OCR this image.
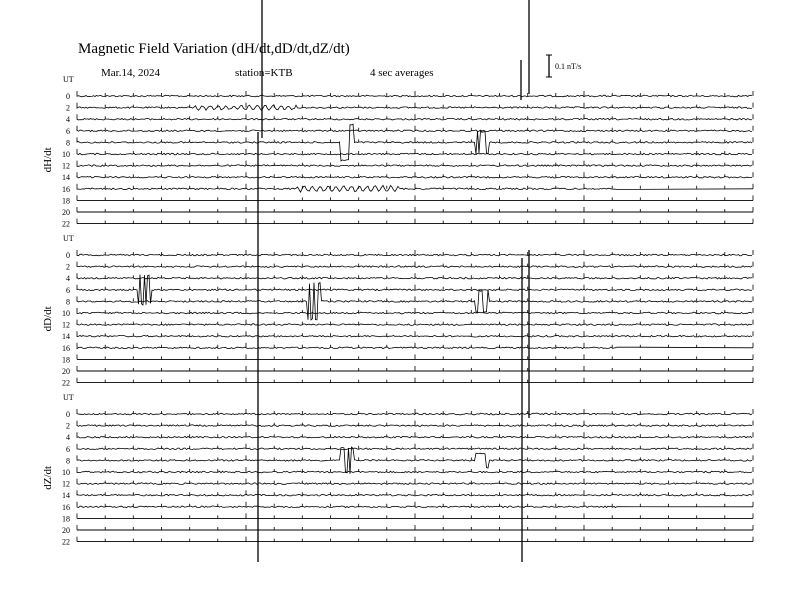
Magnetic Field Variation (dH/dt,dD/dt,dZ/dt)
Mar.14, 2024	station=KTB	4 sec averages
0.1 nT/s
UT
dH/dt
0
2
4
6
8
10
12
14
16
18
20
22
UT
dD/dt
0
2
4
6
8
10
12
14
16
18
20
22
UT
dZ/dt
0
2
4
6
8
10
12
14
16
18
20
22
